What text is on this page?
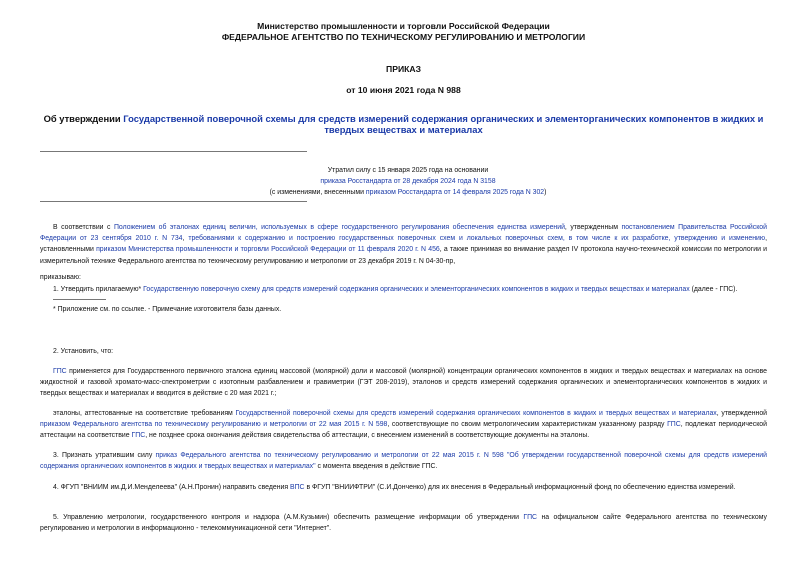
Министерство промышленности и торговли Российской Федерации
ФЕДЕРАЛЬНОЕ АГЕНТСТВО ПО ТЕХНИЧЕСКОМУ РЕГУЛИРОВАНИЮ И МЕТРОЛОГИИ
ПРИКАЗ
от 10 июня 2021 года N 988
Об утверждении Государственной поверочной схемы для средств измерений содержания органических и элементорганических компонентов в жидких и твердых веществах и материалах
Утратил силу с 15 января 2025 года на основании
приказа Росстандарта от 28 декабря 2024 года N 3158
(с изменениями, внесенными приказом Росстандарта от 14 февраля 2025 года N 302)
В соответствии с Положением об эталонах единиц величин, используемых в сфере государственного регулирования обеспечения единства измерений, утвержденным постановлением Правительства Российской Федерации от 23 сентября 2010 г. N 734, требованиями к содержанию и построению государственных поверочных схем и локальных поверочных схем, в том числе к их разработке, утверждению и изменению, установленными приказом Министерства промышленности и торговли Российской Федерации от 11 февраля 2020 г. N 456, а также принимая во внимание раздел IV протокола научно-технической комиссии по метрологии и измерительной технике Федерального агентства по техническому регулированию и метрологии от 23 декабря 2019 г. N 04-30-пр,
приказываю:
1. Утвердить прилагаемую* Государственную поверочную схему для средств измерений содержания органических и элементорганических компонентов в жидких и твердых веществах и материалах (далее - ГПС).
* Приложение см. по ссылке. - Примечание изготовителя базы данных.
2. Установить, что:
ГПС применяется для Государственного первичного эталона единиц массовой (молярной) доли и массовой (молярной) концентрации органических компонентов в жидких и твердых веществах и материалах на основе жидкостной и газовой хромато-масс-спектрометрии с изотопным разбавлением и гравиметрии (ГЭТ 208-2019), эталонов и средств измерений содержания органических и элементорганических компонентов в жидких и твердых веществах и материалах и вводится в действие с 20 мая 2021 г.;
эталоны, аттестованные на соответствие требованиям Государственной поверочной схемы для средств измерений содержания органических компонентов в жидких и твердых веществах и материалах, утвержденной приказом Федерального агентства по техническому регулированию и метрологии от 22 мая 2015 г. N 598, соответствующие по своим метрологическим характеристикам указанному разряду ГПС, подлежат периодической аттестации на соответствие ГПС, не позднее срока окончания действия свидетельства об аттестации, с внесением изменений в соответствующие документы на эталоны.
3. Признать утратившим силу приказ Федерального агентства по техническому регулированию и метрологии от 22 мая 2015 г. N 598 "Об утверждении государственной поверочной схемы для средств измерений содержания органических компонентов в жидких и твердых веществах и материалах" с момента введения в действие ГПС.
4. ФГУП "ВНИИМ им.Д.И.Менделеева" (А.Н.Пронин) направить сведения ВПС в ФГУП "ВНИИФТРИ" (С.И.Донченко) для их внесения в Федеральный информационный фонд по обеспечению единства измерений.
5. Управлению метрологии, государственного контроля и надзора (А.М.Кузьмин) обеспечить размещение информации об утверждении ГПС на официальном сайте Федерального агентства по техническому регулированию и метрологии в информационно - телекоммуникационной сети "Интернет".
